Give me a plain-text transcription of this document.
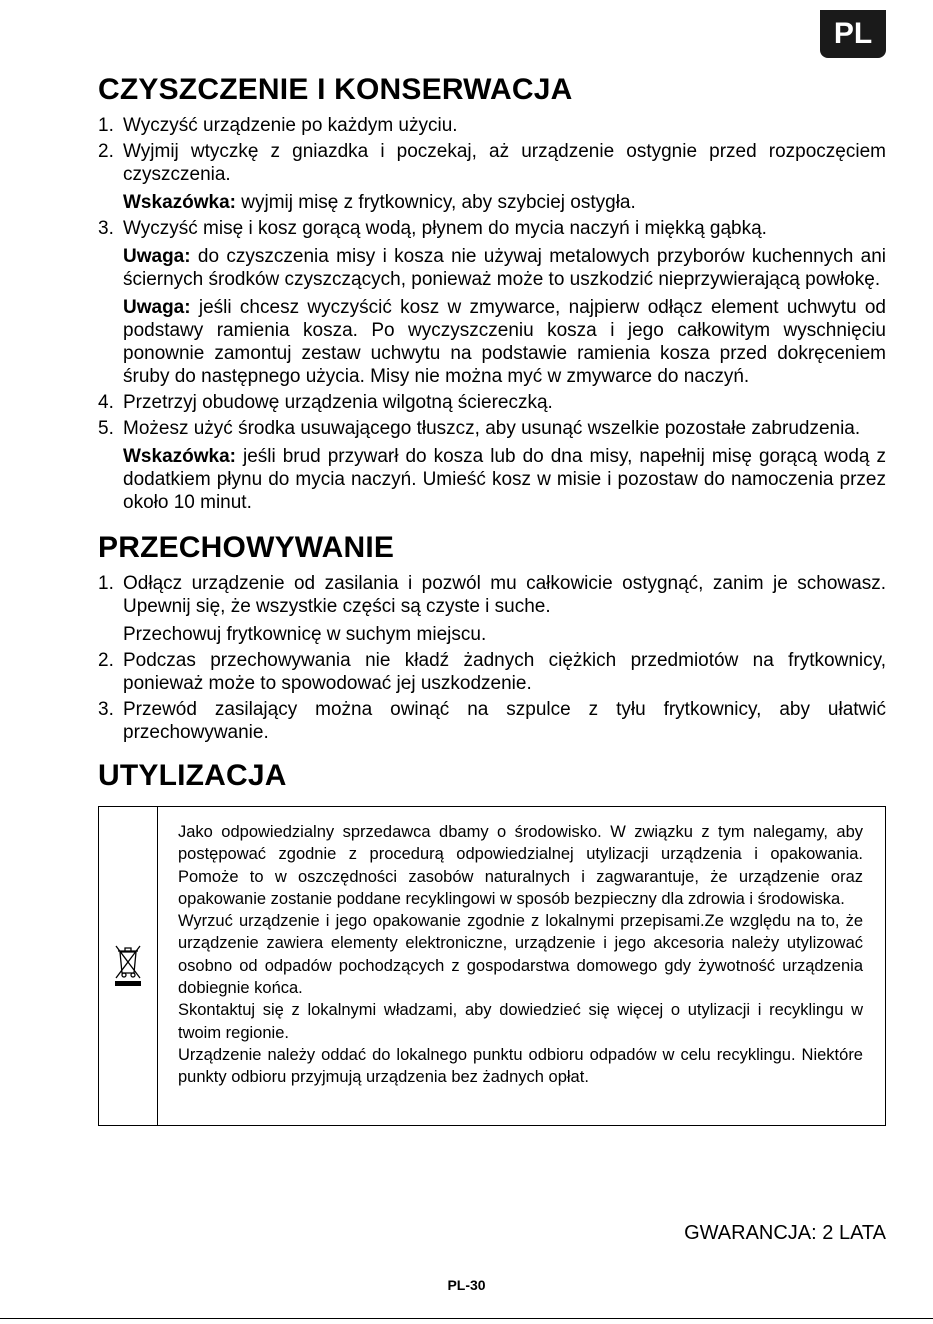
PL
CZYSZCZENIE I KONSERWACJA
1. Wyczyść urządzenie po każdym użyciu.
2. Wyjmij wtyczkę z gniazdka i poczekaj, aż urządzenie ostygnie przed rozpoczęciem czyszczenia.
Wskazówka: wyjmij misę z frytkownicy, aby szybciej ostygła.
3. Wyczyść misę i kosz gorącą wodą, płynem do mycia naczyń i miękką gąbką.
Uwaga: do czyszczenia misy i kosza nie używaj metalowych przyborów kuchennych ani ściernych środków czyszczących, ponieważ może to uszkodzić nieprzywierającą powłokę.
Uwaga: jeśli chcesz wyczyścić kosz w zmywarce, najpierw odłącz element uchwytu od podstawy ramienia kosza. Po wyczyszczeniu kosza i jego całkowitym wyschnięciu ponownie zamontuj zestaw uchwytu na podstawie ramienia kosza przed dokręceniem śruby do następnego użycia. Misy nie można myć w zmywarce do naczyń.
4. Przetrzyj obudowę urządzenia wilgotną ściereczką.
5. Możesz użyć środka usuwającego tłuszcz, aby usunąć wszelkie pozostałe zabrudzenia.
Wskazówka: jeśli brud przywarł do kosza lub do dna misy, napełnij misę gorącą wodą z dodatkiem płynu do mycia naczyń. Umieść kosz w misie i pozostaw do namoczenia przez około 10 minut.
PRZECHOWYWANIE
1. Odłącz urządzenie od zasilania i pozwól mu całkowicie ostygnąć, zanim je schowasz. Upewnij się, że wszystkie części są czyste i suche.
Przechowuj frytkownicę w suchym miejscu.
2. Podczas przechowywania nie kładź żadnych ciężkich przedmiotów na frytkownicy, ponieważ może to spowodować jej uszkodzenie.
3. Przewód zasilający można owinąć na szpulce z tyłu frytkownicy, aby ułatwić przechowywanie.
UTYLIZACJA

Jako odpowiedzialny sprzedawca dbamy o środowisko. W związku z tym nalegamy, aby postępować zgodnie z procedurą odpowiedzialnej utylizacji urządzenia i opakowania. Pomoże to w oszczędności zasobów naturalnych i zagwarantuje, że urządzenie oraz opakowanie zostanie poddane recyklingowi w sposób bezpieczny dla zdrowia i środowiska.

Wyrzuć urządzenie i jego opakowanie zgodnie z lokalnymi przepisami.Ze względu na to, że urządzenie zawiera elementy elektroniczne, urządzenie i jego akcesoria należy utylizować osobno od odpadów pochodzących z gospodarstwa domowego gdy żywotność urządzenia dobiegnie końca.

Skontaktuj się z lokalnymi władzami, aby dowiedzieć się więcej o utylizacji i recyklingu w twoim regionie.

Urządzenie należy oddać do lokalnego punktu odbioru odpadów w celu recyklingu. Niektóre punkty odbioru przyjmują urządzenia bez żadnych opłat.

GWARANCJA: 2 LATA
PL-30
